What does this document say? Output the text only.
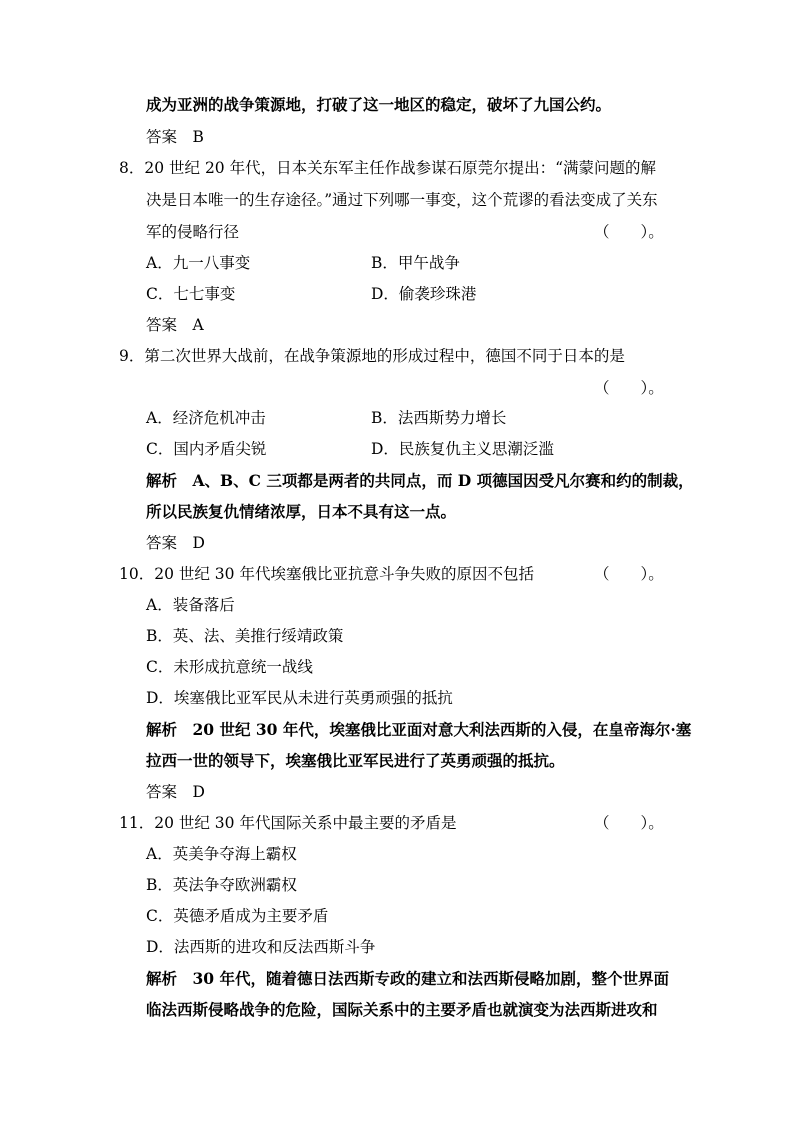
成为亚洲的战争策源地，打破了这一地区的稳定，破坏了九国公约。
答案　B
8．20 世纪 20 年代，日本关东军主任作战参谋石原莞尔提出：“满蒙问题的解
决是日本唯一的生存途径。”通过下列哪一事变，这个荒谬的看法变成了关东
军的侵略行径	（　　）。
A．九一八事变	B．甲午战争
C．七七事变	D．偷袭珍珠港
答案　A
9．第二次世界大战前，在战争策源地的形成过程中，德国不同于日本的是
（　　）。
A．经济危机冲击	B．法西斯势力增长
C．国内矛盾尖锐	D．民族复仇主义思潮泛滥
解析　A、B、C 三项都是两者的共同点，而 D 项德国因受凡尔赛和约的制裁，
所以民族复仇情绪浓厚，日本不具有这一点。
答案　D
10．20 世纪 30 年代埃塞俄比亚抗意斗争失败的原因不包括	（　　）。
A．装备落后
B．英、法、美推行绥靖政策
C．未形成抗意统一战线
D．埃塞俄比亚军民从未进行英勇顽强的抵抗
解析　20 世纪 30 年代，埃塞俄比亚面对意大利法西斯的入侵，在皇帝海尔·塞
拉西一世的领导下，埃塞俄比亚军民进行了英勇顽强的抵抗。
答案　D
11．20 世纪 30 年代国际关系中最主要的矛盾是	（　　）。
A．英美争夺海上霸权
B．英法争夺欧洲霸权
C．英德矛盾成为主要矛盾
D．法西斯的进攻和反法西斯斗争
解析　30 年代，随着德日法西斯专政的建立和法西斯侵略加剧，整个世界面
临法西斯侵略战争的危险，国际关系中的主要矛盾也就演变为法西斯进攻和
